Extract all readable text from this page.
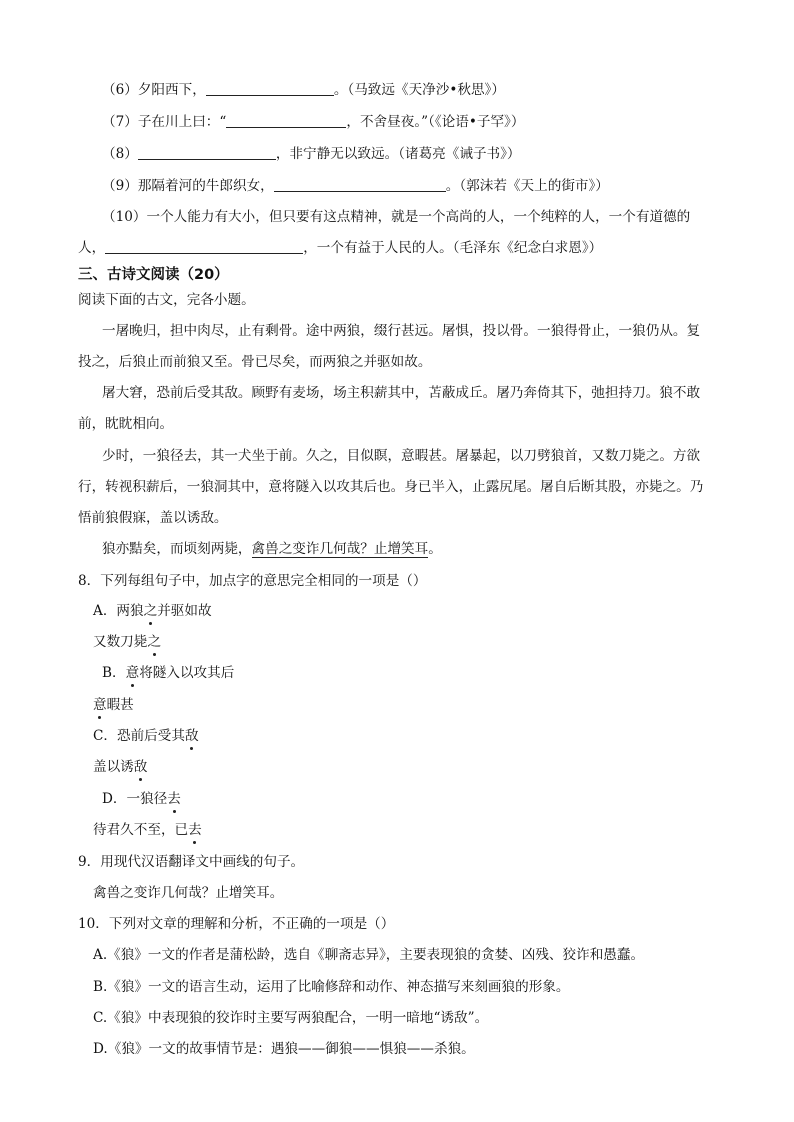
（6）夕阳西下，	。（马致远《天净沙•秋思》）
（7）子在川上曰：“	，不舍昼夜。”（《论语•子罕》）
（8）	，非宁静无以致远。（诸葛亮《诫子书》）
（9）那隔着河的牛郎织女，	。（郭沫若《天上的街市》）
（10）一个人能力有大小，但只要有这点精神，就是一个高尚的人，一个纯粹的人，一个有道德的
人，	，一个有益于人民的人。（毛泽东《纪念白求恩》）
三、古诗文阅读（20）
阅读下面的古文，完各小题。
一屠晚归，担中肉尽，止有剩骨。途中两狼，缀行甚远。屠惧，投以骨。一狼得骨止，一狼仍从。复
投之，后狼止而前狼又至。骨已尽矣，而两狼之并驱如故。
屠大窘，恐前后受其敌。顾野有麦场，场主积薪其中，苫蔽成丘。屠乃奔倚其下，弛担持刀。狼不敢
前，眈眈相向。
少时，一狼径去，其一犬坐于前。久之，目似瞑，意暇甚。屠暴起，以刀劈狼首，又数刀毙之。方欲
行，转视积薪后，一狼洞其中，意将隧入以攻其后也。身已半入，止露尻尾。屠自后断其股，亦毙之。乃
悟前狼假寐，盖以诱敌。
狼亦黠矣，而顷刻两毙，禽兽之变诈几何哉？止增笑耳。
8．下列每组句子中，加点字的意思完全相同的一项是（）
A．两狼之并驱如故
又数刀毙之
B．意将隧入以攻其后
意暇甚
C．恐前后受其敌
盖以诱敌
D．一狼径去
待君久不至，已去
9．用现代汉语翻译文中画线的句子。
禽兽之变诈几何哉？止增笑耳。
10．下列对文章的理解和分析，不正确的一项是（）
A.《狼》一文的作者是蒲松龄，选自《聊斋志异》，主要表现狼的贪婪、凶残、狡诈和愚蠢。
B.《狼》一文的语言生动，运用了比喻修辞和动作、神态描写来刻画狼的形象。
C.《狼》中表现狼的狡诈时主要写两狼配合，一明一暗地“诱敌”。
D.《狼》一文的故事情节是：遇狼——御狼——惧狼——杀狼。
